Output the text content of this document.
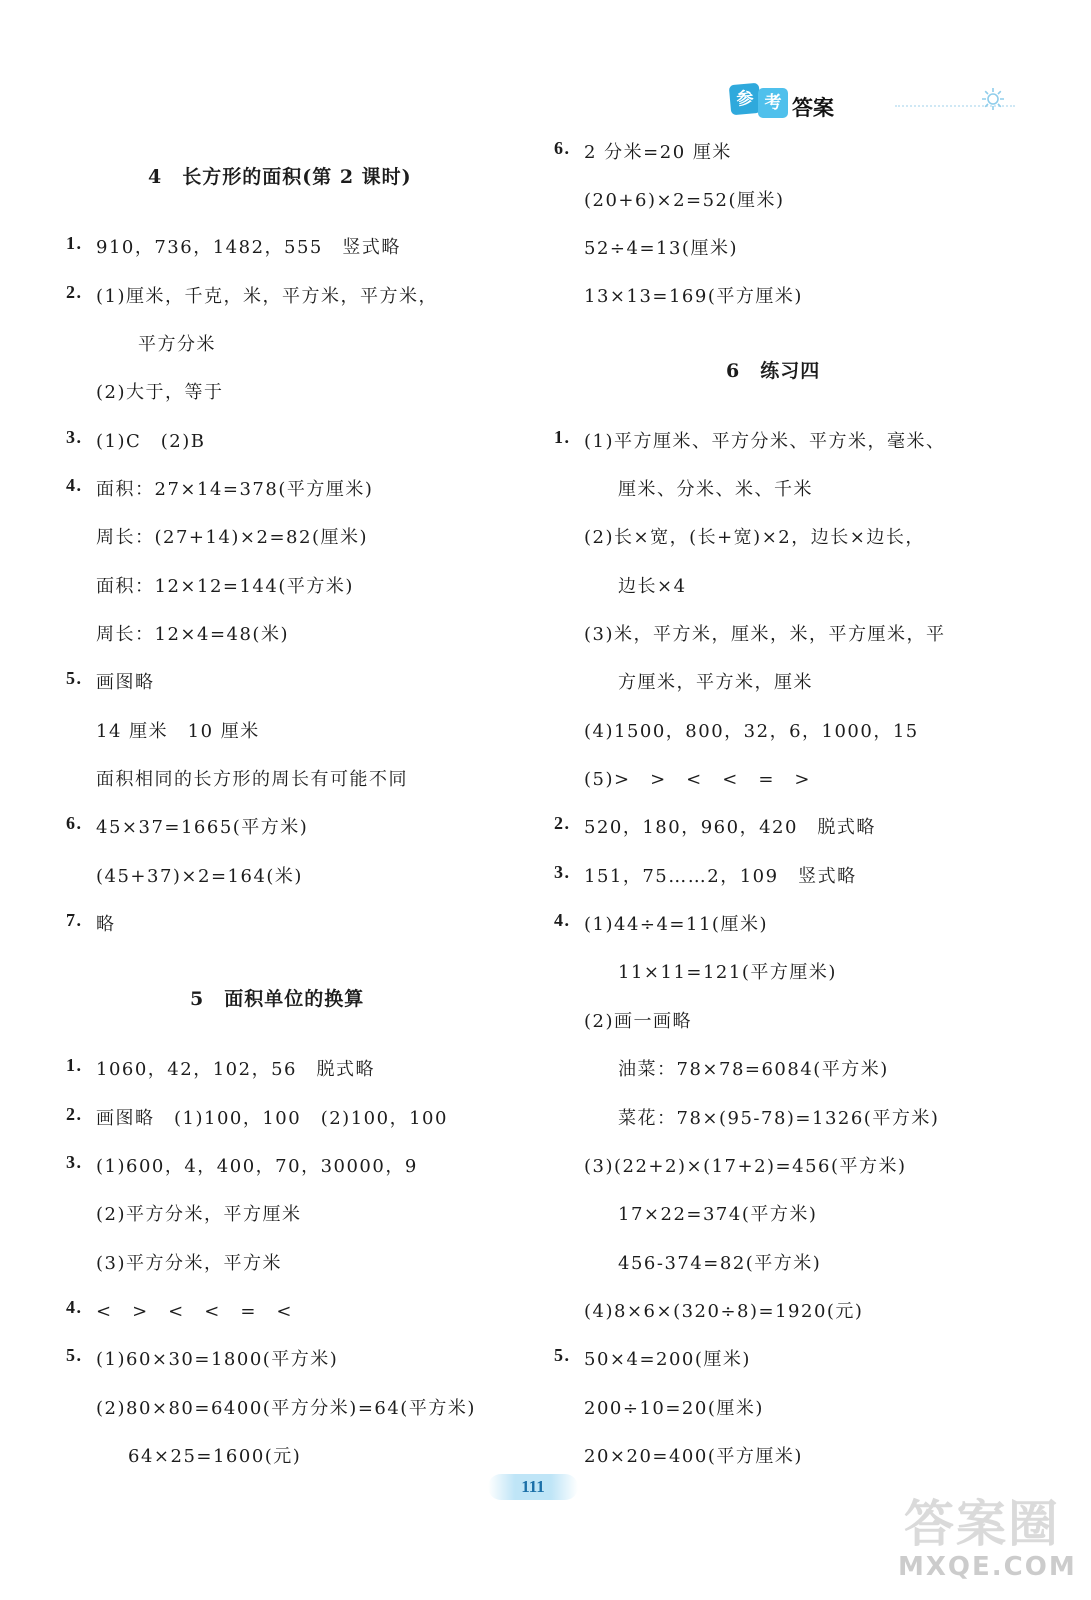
参 考 答案
4　长方形的面积(第 2 课时)
1. 910，736，1482，555　竖式略
2. (1)厘米，千克，米，平方米，平方米，
平方分米
(2)大于，等于
3. (1)C　(2)B
4. 面积：27×14=378(平方厘米)
周长：(27+14)×2=82(厘米)
面积：12×12=144(平方米)
周长：12×4=48(米)
5. 画图略
14 厘米　10 厘米
面积相同的长方形的周长有可能不同
6. 45×37=1665(平方米)
(45+37)×2=164(米)
7. 略
5　面积单位的换算
1. 1060，42，102，56　脱式略
2. 画图略　(1)100，100　(2)100，100
3. (1)600，4，400，70，30000，9
(2)平方分米，平方厘米
(3)平方分米，平方米
4. <　>　<　<　=　<
5. (1)60×30=1800(平方米)
(2)80×80=6400(平方分米)=64(平方米)
64×25=1600(元)
6. 2 分米=20 厘米
(20+6)×2=52(厘米)
52÷4=13(厘米)
13×13=169(平方厘米)
6　练习四
1. (1)平方厘米、平方分米、平方米，毫米、
厘米、分米、米、千米
(2)长×宽，(长+宽)×2，边长×边长，
边长×4
(3)米，平方米，厘米，米，平方厘米，平
方厘米，平方米，厘米
(4)1500，800，32，6，1000，15
(5)>　>　<　<　=　>
2. 520，180，960，420　脱式略
3. 151，75……2，109　竖式略
4. (1)44÷4=11(厘米)
11×11=121(平方厘米)
(2)画一画略
油菜：78×78=6084(平方米)
菜花：78×(95-78)=1326(平方米)
(3)(22+2)×(17+2)=456(平方米)
17×22=374(平方米)
456-374=82(平方米)
(4)8×6×(320÷8)=1920(元)
5. 50×4=200(厘米)
200÷10=20(厘米)
20×20=400(平方厘米)
111
答案圈
MXQE.COM
